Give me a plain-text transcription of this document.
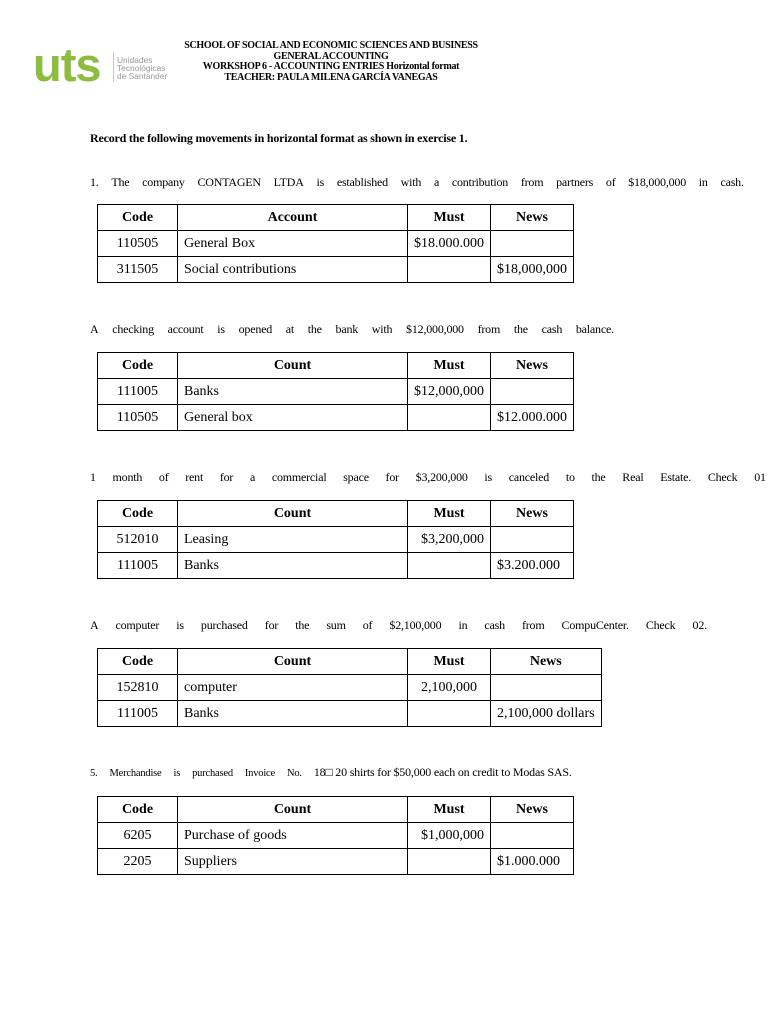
uts Unidades
Tecnológicas
de Santander
SCHOOL OF SOCIAL AND ECONOMIC SCIENCES AND BUSINESS
GENERAL ACCOUNTING
WORKSHOP 6 - ACCOUNTING ENTRIES Horizontal format
TEACHER: PAULA MILENA GARCÍA VANEGAS
Record the following movements in horizontal format as shown in exercise 1.
1. The company CONTAGEN LTDA is established with a contribution from partners of $18,000,000 in cash.
Code	Account	Must	News
110505	General Box	$18.000.000	
311505	Social contributions		$18,000,000
A checking account is opened at the bank with $12,000,000 from the cash balance.
Code	Count	Must	News
111005	Banks	$12,000,000	
110505	General box		$12.000.000
1 month of rent for a commercial space for $3,200,000 is canceled to the Real Estate. Check 01
Code	Count	Must	News
512010	Leasing	$3,200,000	
111005	Banks		$3.200.000
A computer is purchased for the sum of $2,100,000 in cash from CompuCenter. Check 02.
Code	Count	Must	News
152810	computer	2,100,000	
111005	Banks		2,100,000 dollars
5. Merchandise is purchased Invoice No.	18□ 20 shirts for $50,000 each on credit to Modas SAS.
Code	Count	Must	News
6205	Purchase of goods	$1,000,000	
2205	Suppliers		$1.000.000
